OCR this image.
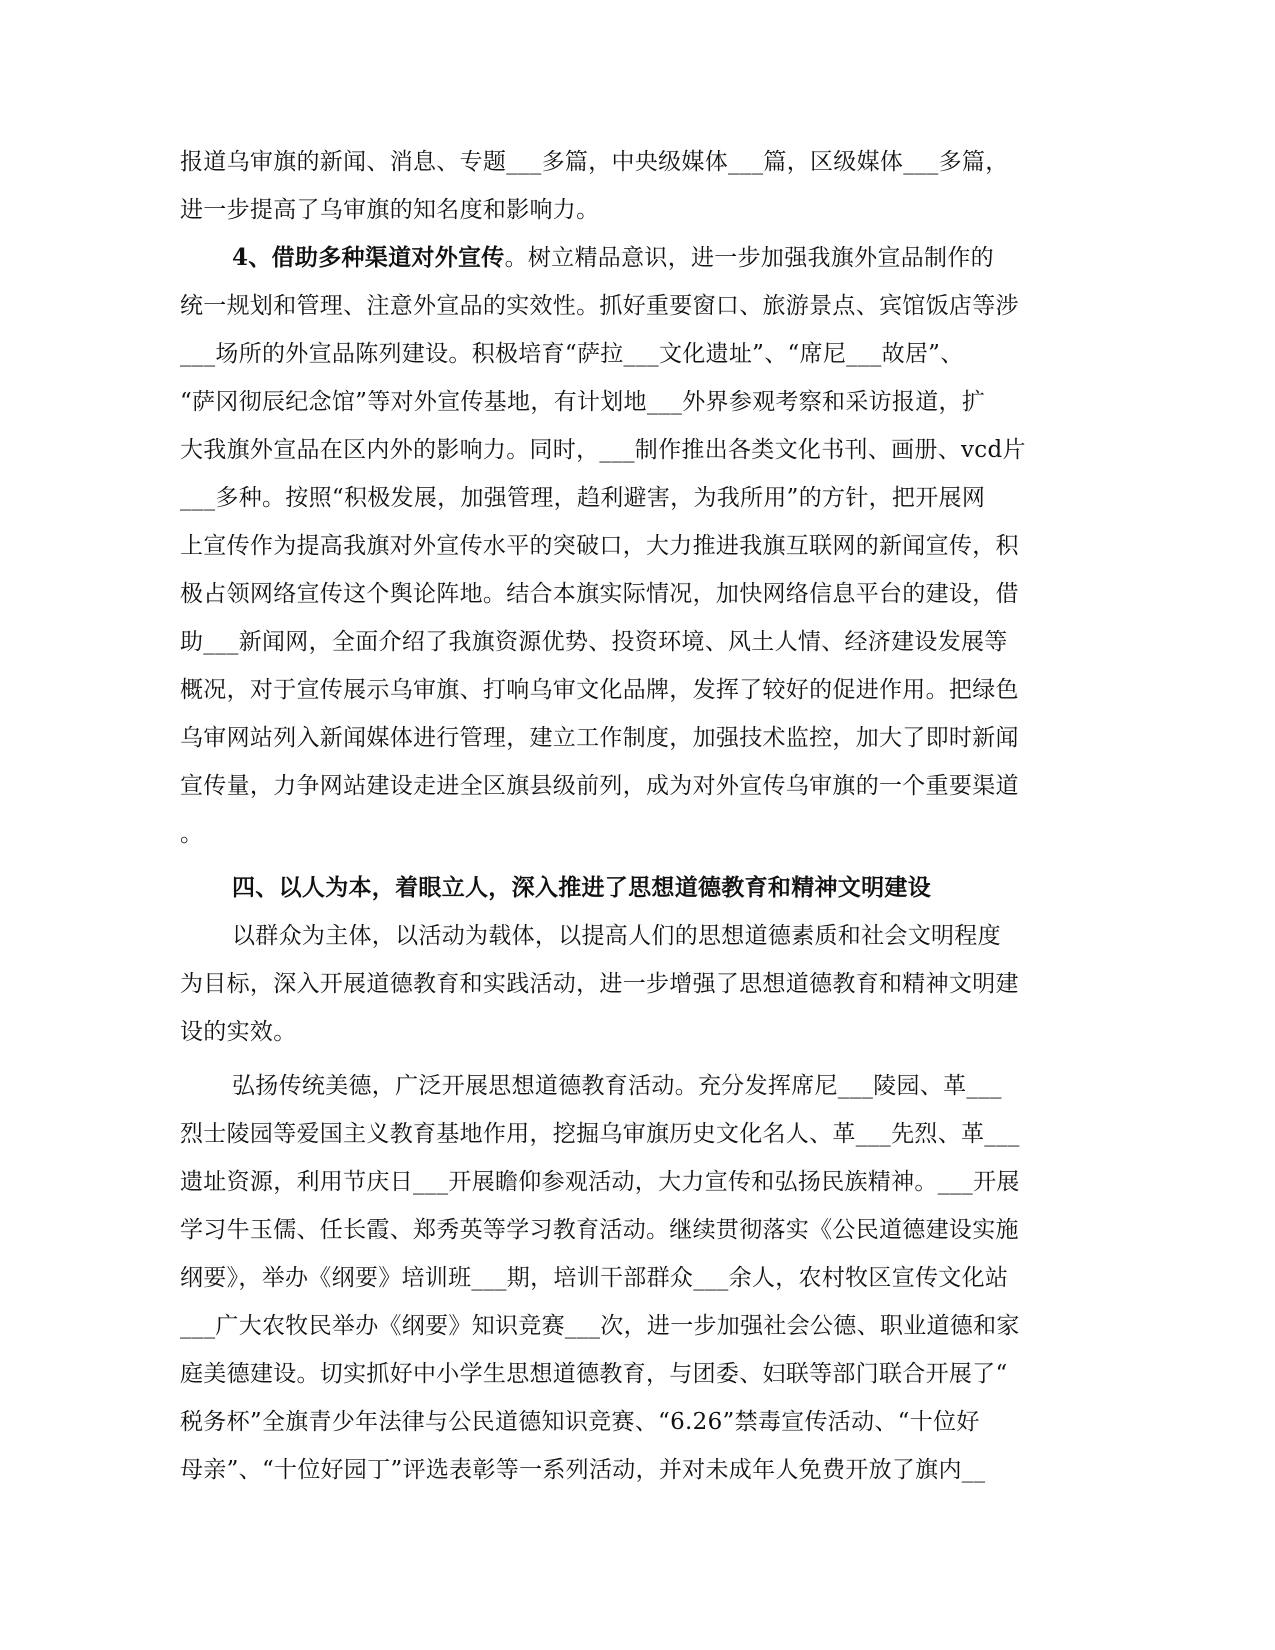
报道乌审旗的新闻、消息、专题___多篇，中央级媒体___篇，区级媒体___多篇，
进一步提高了乌审旗的知名度和影响力。
4、借助多种渠道对外宣传。树立精品意识，进一步加强我旗外宣品制作的
统一规划和管理、注意外宣品的实效性。抓好重要窗口、旅游景点、宾馆饭店等涉
___场所的外宣品陈列建设。积极培育“萨拉___文化遗址”、“席尼___故居”、
“萨冈彻辰纪念馆”等对外宣传基地，有计划地___外界参观考察和采访报道，扩
大我旗外宣品在区内外的影响力。同时，___制作推出各类文化书刊、画册、vcd片
___多种。按照“积极发展，加强管理，趋利避害，为我所用”的方针，把开展网
上宣传作为提高我旗对外宣传水平的突破口，大力推进我旗互联网的新闻宣传，积
极占领网络宣传这个舆论阵地。结合本旗实际情况，加快网络信息平台的建设，借
助___新闻网，全面介绍了我旗资源优势、投资环境、风土人情、经济建设发展等
概况，对于宣传展示乌审旗、打响乌审文化品牌，发挥了较好的促进作用。把绿色
乌审网站列入新闻媒体进行管理，建立工作制度，加强技术监控，加大了即时新闻
宣传量，力争网站建设走进全区旗县级前列，成为对外宣传乌审旗的一个重要渠道
。
四、以人为本，着眼立人，深入推进了思想道德教育和精神文明建设
以群众为主体，以活动为载体，以提高人们的思想道德素质和社会文明程度
为目标，深入开展道德教育和实践活动，进一步增强了思想道德教育和精神文明建
设的实效。
弘扬传统美德，广泛开展思想道德教育活动。充分发挥席尼___陵园、革___
烈士陵园等爱国主义教育基地作用，挖掘乌审旗历史文化名人、革___先烈、革___
遗址资源，利用节庆日___开展瞻仰参观活动，大力宣传和弘扬民族精神。___开展
学习牛玉儒、任长霞、郑秀英等学习教育活动。继续贯彻落实《公民道德建设实施
纲要》，举办《纲要》培训班___期，培训干部群众___余人，农村牧区宣传文化站
___广大农牧民举办《纲要》知识竞赛___次，进一步加强社会公德、职业道德和家
庭美德建设。切实抓好中小学生思想道德教育，与团委、妇联等部门联合开展了“
税务杯”全旗青少年法律与公民道德知识竞赛、“6.26”禁毒宣传活动、“十位好
母亲”、“十位好园丁”评选表彰等一系列活动，并对未成年人免费开放了旗内__
